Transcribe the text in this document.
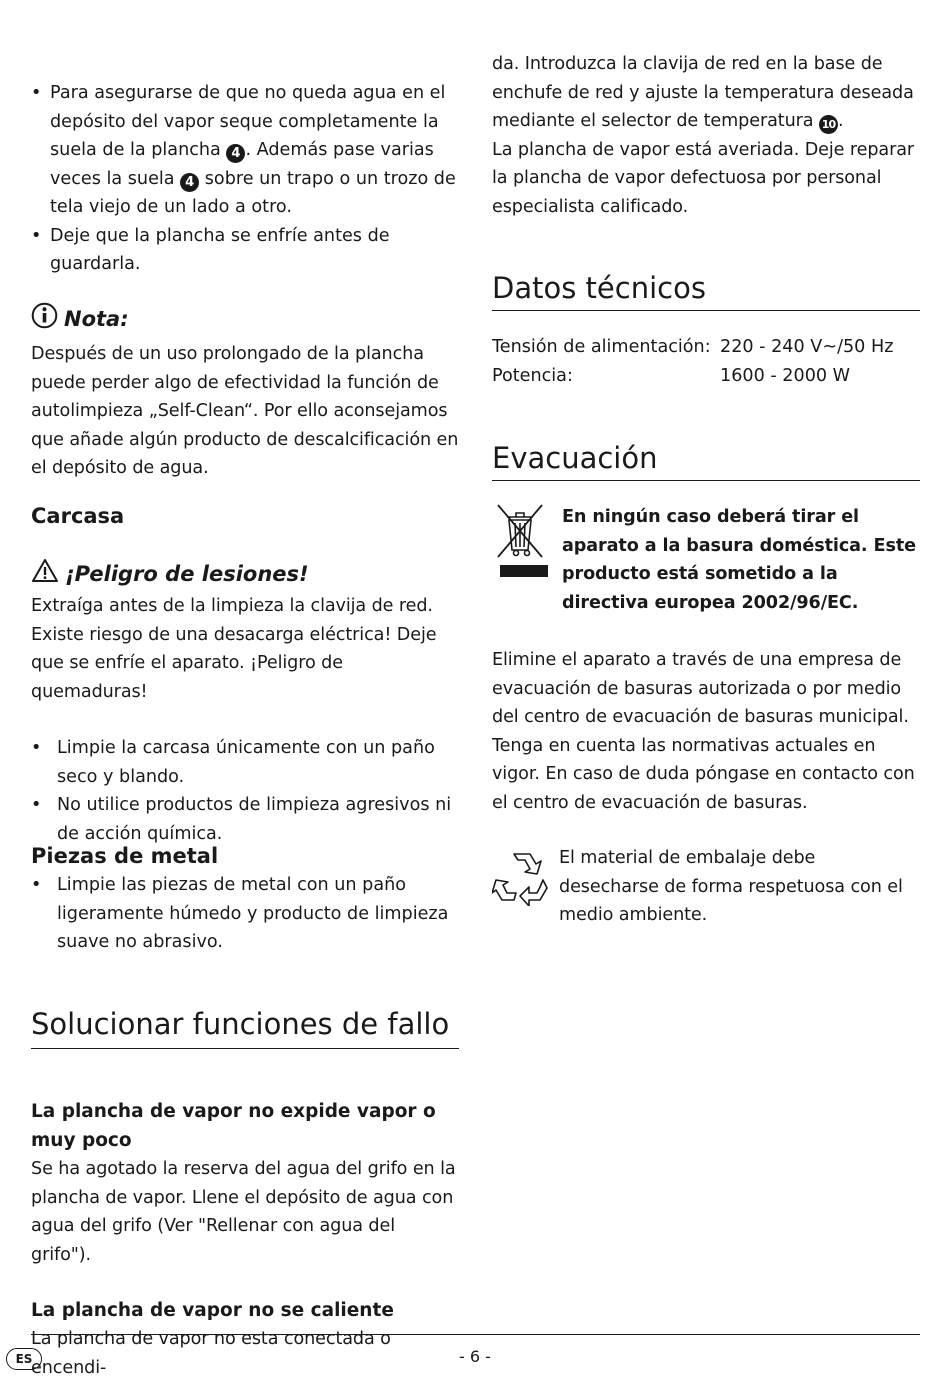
• Para asegurarse de que no queda agua en el depósito del vapor seque completamente la suela de la plancha 4 . Además pase varias veces la suela 4 sobre un trapo o un trozo de tela viejo de un lado a otro.
• Deje que la plancha se enfríe antes de guardarla.
Nota:

Después de un uso prolongado de la plancha puede perder algo de efectividad la función de autolimpieza „Self-Clean“. Por ello aconsejamos que añade algún producto de descalcificación en el depósito de agua.

Carcasa
¡Peligro de lesiones!

Extraíga antes de la limpieza la clavija de red. Existe riesgo de una desacarga eléctrica! Deje que se enfríe el aparato. ¡Peligro de quemaduras!

• Limpie la carcasa únicamente con un paño seco y blando.
• No utilice productos de limpieza agresivos ni de acción química.
Piezas de metal
• Limpie las piezas de metal con un paño ligeramente húmedo y producto de limpieza suave no abrasivo.
Solucionar funciones de fallo
La plancha de vapor no expide vapor o muy poco

Se ha agotado la reserva del agua del grifo en la plancha de vapor. Llene el depósito de agua con agua del grifo (Ver "Rellenar con agua del grifo").

La plancha de vapor no se caliente

La plancha de vapor no esta conectada o encendi-

da. Introduzca la clavija de red en la base de enchufe de red y ajuste la temperatura deseada mediante el selector de temperatura 10 .

La plancha de vapor está averiada. Deje reparar la plancha de vapor defectuosa por personal especialista calificado.

Datos técnicos
Tensión de alimentación: 220 - 240 V~/50 Hz
Potencia:	1600 - 2000 W
Evacuación

En ningún caso deberá tirar el aparato a la basura doméstica. Este producto está sometido a la directiva europea 2002/96/EC.

Elimine el aparato a través de una empresa de evacuación de basuras autorizada o por medio del centro de evacuación de basuras municipal. Tenga en cuenta las normativas actuales en vigor. En caso de duda póngase en contacto con el centro de evacuación de basuras.

El material de embalaje debe desecharse de forma respetuosa con el medio ambiente.

ES	- 6 -
